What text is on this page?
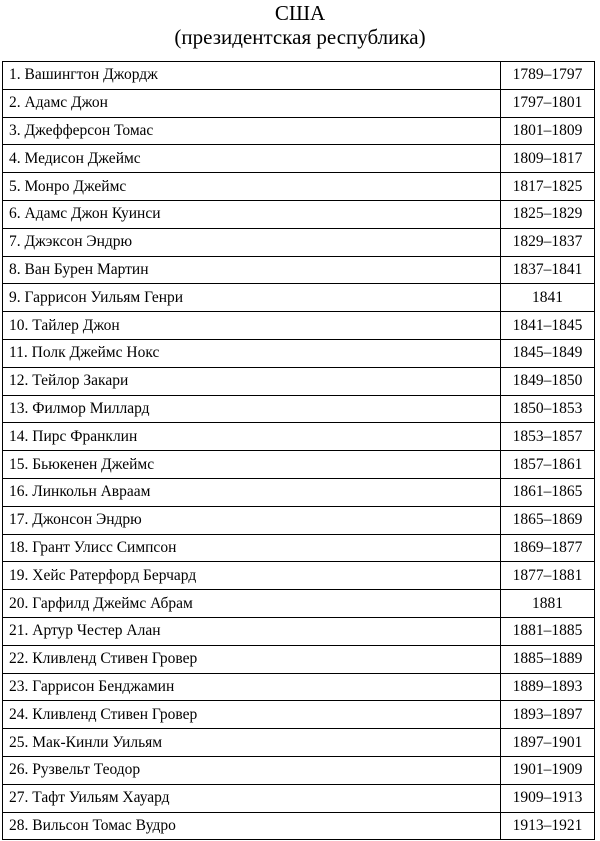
США
(президентская республика)
1. Вашингтон Джордж	1789–1797
2. Адамс Джон	1797–1801
3. Джефферсон Томас	1801–1809
4. Медисон Джеймс	1809–1817
5. Монро Джеймс	1817–1825
6. Адамс Джон Куинси	1825–1829
7. Джэксон Эндрю	1829–1837
8. Ван Бурен Мартин	1837–1841
9. Гаррисон Уильям Генри	1841
10. Тайлер Джон	1841–1845
11. Полк Джеймс Нокс	1845–1849
12. Тейлор Закари	1849–1850
13. Филмор Миллард	1850–1853
14. Пирс Франклин	1853–1857
15. Бьюкенен Джеймс	1857–1861
16. Линкольн Авраам	1861–1865
17. Джонсон Эндрю	1865–1869
18. Грант Улисс Симпсон	1869–1877
19. Хейс Ратерфорд Берчард	1877–1881
20. Гарфилд Джеймс Абрам	1881
21. Артур Честер Алан	1881–1885
22. Кливленд Стивен Гровер	1885–1889
23. Гаррисон Бенджамин	1889–1893
24. Кливленд Стивен Гровер	1893–1897
25. Мак-Кинли Уильям	1897–1901
26. Рузвельт Теодор	1901–1909
27. Тафт Уильям Хауард	1909–1913
28. Вильсон Томас Вудро	1913–1921
